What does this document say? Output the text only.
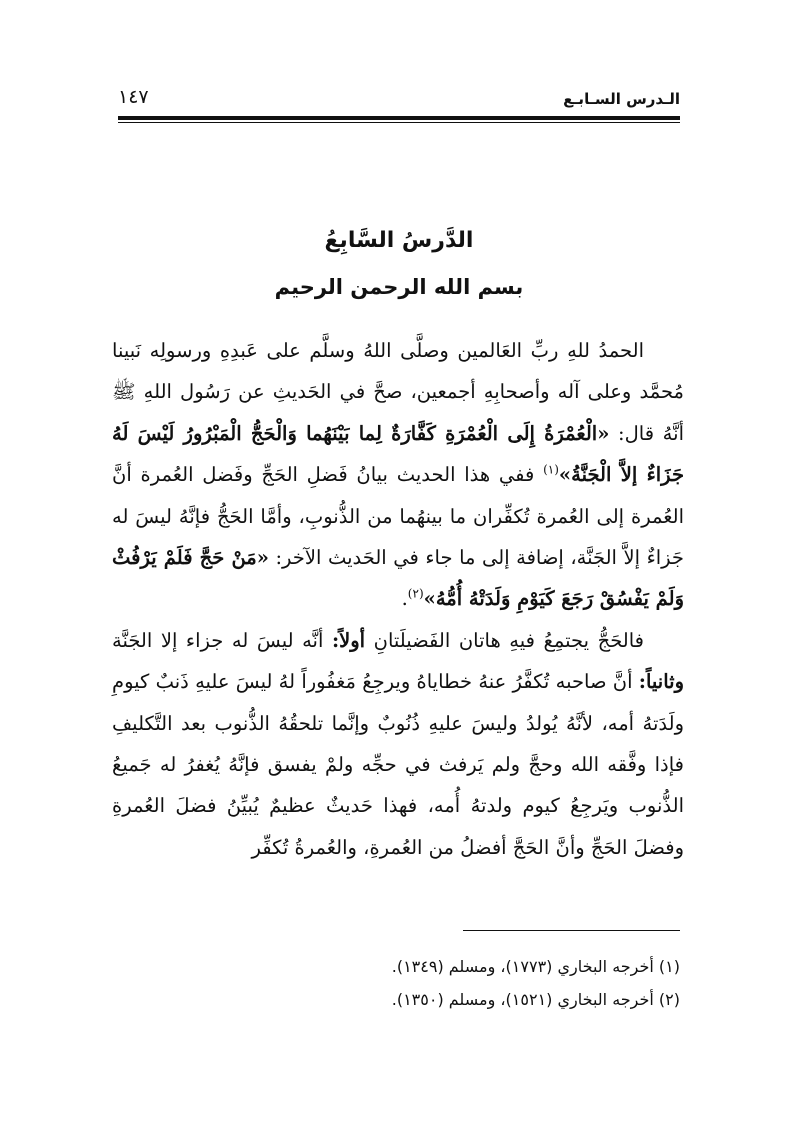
الـدرس السـابـع
١٤٧
الدَّرسُ السَّابِعُ
بسم الله الرحمن الرحيم

الحمدُ للهِ ربِّ العَالمين وصلَّى اللهُ وسلَّم على عَبدِهِ ورسولِه نَبينا مُحمَّد وعلى آله وأصحابِهِ أجمعين، صحَّ في الحَديثِ عن رَسُول اللهِ ﷺ أنَّهُ قال: «الْعُمْرَةُ إِلَى الْعُمْرَةِ كَفَّارَةٌ لِما بَيْنَهُما وَالْحَجُّ الْمَبْرُورُ لَيْسَ لَهُ جَزَاءٌ إلاَّ الْجَنَّةُ»$^{(١)}$ ففي هذا الحديث بيانُ فَضلِ الحَجِّ وفَضل العُمرة أنَّ العُمرة إلى العُمرة تُكفِّران ما بينهُما من الذُّنوبِ، وأمَّا الحَجُّ فإنَّهُ ليسَ له جَزاءٌ إلاَّ الجَنَّة، إضافة إلى ما جاء في الحَديث الآخر: «مَنْ حَجَّ فَلَمْ يَرْفُثْ وَلَمْ يَفْسُقْ رَجَعَ كَيَوْمِ وَلَدَتْهُ أُمُّهُ»$^{(٢)}$.

فالحَجُّ يجتمِعُ فيهِ هاتان الفَضيلَتانِ أولاً: أنَّه ليسَ له جزاء إلا الجَنَّة وثانياً: أنَّ صاحبه تُكفَّرُ عنهُ خطاياهُ ويرجِعُ مَغفُوراً لهُ ليسَ عليهِ ذَنبٌ كيومِ ولَدَتهُ أمه، لأنَّهُ يُولدُ وليسَ عليهِ ذُنُوبٌ وإنَّما تلحقُهُ الذُّنوب بعد التَّكليفِ فإذا وفَّقه الله وحجَّ ولم يَرفث في حجِّه ولمْ يفسق فإنَّهُ يُغفرُ له جَميعُ الذُّنوب ويَرجِعُ كيوم ولدتهُ أُمه، فهذا حَديثٌ عظيمٌ يُبيِّنُ فضلَ العُمرةِ وفضلَ الحَجِّ وأنَّ الحَجَّ أفضلُ من العُمرةِ، والعُمرةُ تُكفِّر

(١) أخرجه البخاري (١٧٧٣)، ومسلم (١٣٤٩).
(٢) أخرجه البخاري (١٥٢١)، ومسلم (١٣٥٠).
